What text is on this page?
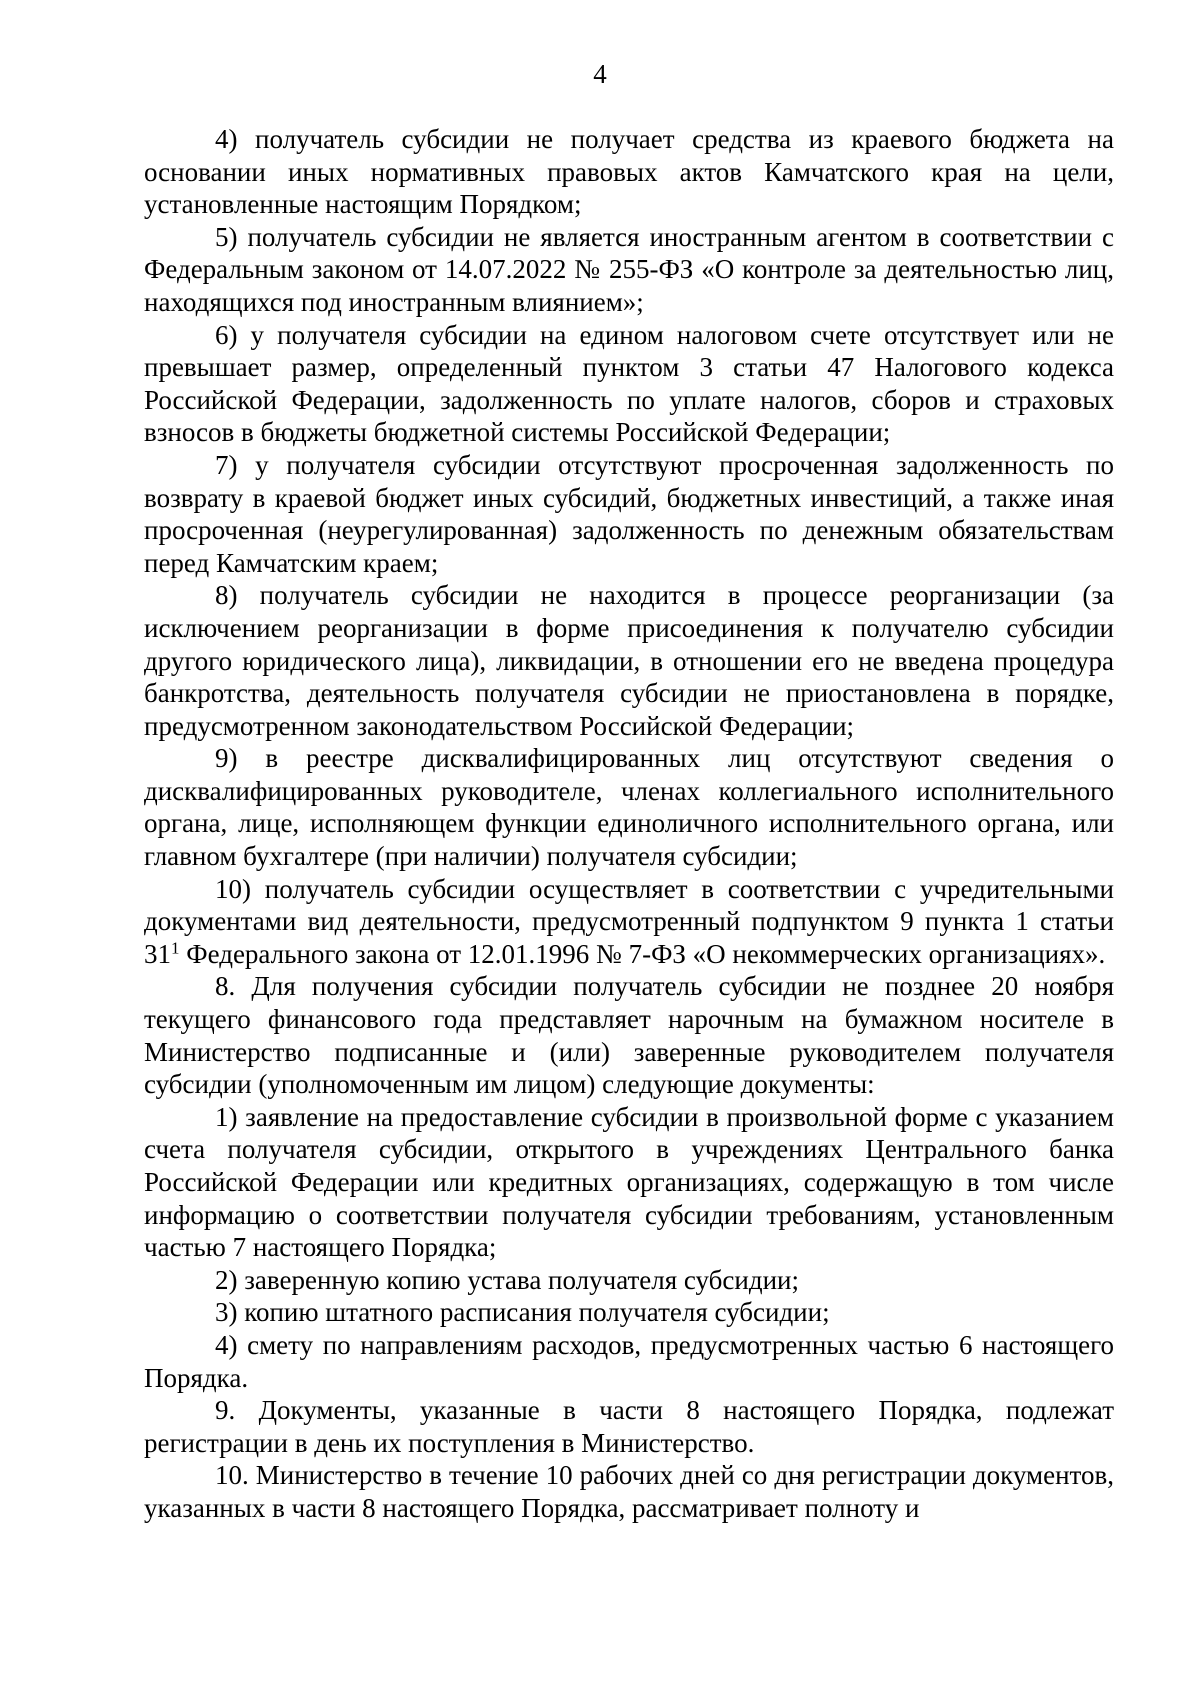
4

4) получатель субсидии не получает средства из краевого бюджета на основании иных нормативных правовых актов Камчатского края на цели, установленные настоящим Порядком;

5) получатель субсидии не является иностранным агентом в соответствии с Федеральным законом от 14.07.2022 № 255-ФЗ «О контроле за деятельностью лиц, находящихся под иностранным влиянием»;

6) у получателя субсидии на едином налоговом счете отсутствует или не превышает размер, определенный пунктом 3 статьи 47 Налогового кодекса Российской Федерации, задолженность по уплате налогов, сборов и страховых взносов в бюджеты бюджетной системы Российской Федерации;

7) у получателя субсидии отсутствуют просроченная задолженность по возврату в краевой бюджет иных субсидий, бюджетных инвестиций, а также иная просроченная (неурегулированная) задолженность по денежным обязательствам перед Камчатским краем;

8) получатель субсидии не находится в процессе реорганизации (за исключением реорганизации в форме присоединения к получателю субсидии другого юридического лица), ликвидации, в отношении его не введена процедура банкротства, деятельность получателя субсидии не приостановлена в порядке, предусмотренном законодательством Российской Федерации;

9) в реестре дисквалифицированных лиц отсутствуют сведения о дисквалифицированных руководителе, членах коллегиального исполнительного органа, лице, исполняющем функции единоличного исполнительного органа, или главном бухгалтере (при наличии) получателя субсидии;

10) получатель субсидии осуществляет в соответствии с учредительными документами вид деятельности, предусмотренный подпунктом 9 пункта 1 статьи $31^1$ Федерального закона от 12.01.1996 № 7-ФЗ «О некоммерческих организациях».

8. Для получения субсидии получатель субсидии не позднее 20 ноября текущего финансового года представляет нарочным на бумажном носителе в Министерство подписанные и (или) заверенные руководителем получателя субсидии (уполномоченным им лицом) следующие документы:

1) заявление на предоставление субсидии в произвольной форме с указанием счета получателя субсидии, открытого в учреждениях Центрального банка Российской Федерации или кредитных организациях, содержащую в том числе информацию о соответствии получателя субсидии требованиям, установленным частью 7 настоящего Порядка;

2) заверенную копию устава получателя субсидии;

3) копию штатного расписания получателя субсидии;

4) смету по направлениям расходов, предусмотренных частью 6 настоящего Порядка.

9. Документы, указанные в части 8 настоящего Порядка, подлежат регистрации в день их поступления в Министерство.

10. Министерство в течение 10 рабочих дней со дня регистрации документов, указанных в части 8 настоящего Порядка, рассматривает полноту и
